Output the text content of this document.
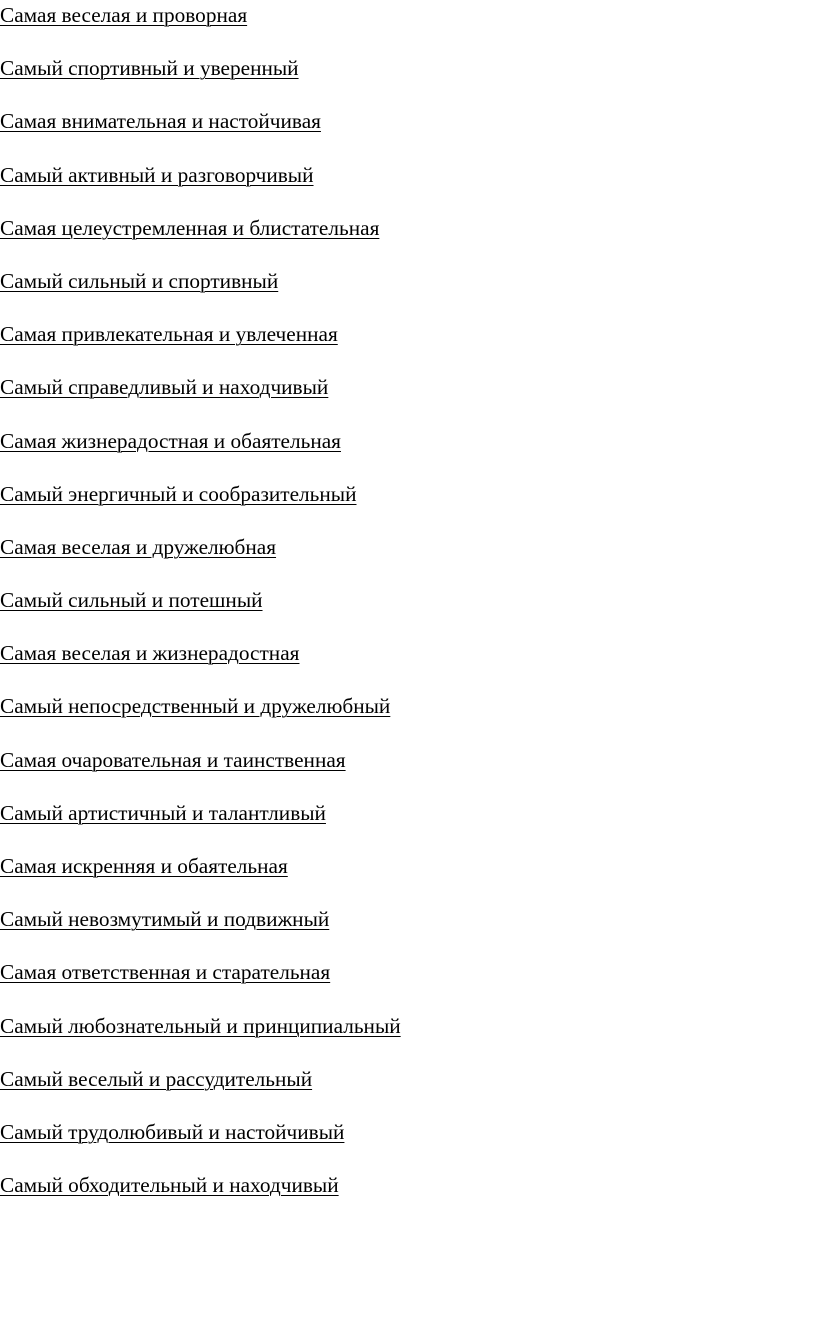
Самая веселая и проворная
Самый спортивный и уверенный
Самая внимательная и настойчивая
Самый активный и разговорчивый
Самая целеустремленная и блистательная
Самый сильный и спортивный
Самая привлекательная и увлеченная
Самый справедливый и находчивый
Самая жизнерадостная и обаятельная
Самый энергичный и сообразительный
Самая веселая и дружелюбная
Самый сильный и потешный
Самая веселая и жизнерадостная
Самый непосредственный и дружелюбный
Самая очаровательная и таинственная
Самый артистичный и талантливый
Самая искренняя и обаятельная
Самый невозмутимый и подвижный
Самая ответственная и старательная
Самый любознательный и принципиальный
Самый веселый и рассудительный
Самый трудолюбивый и настойчивый
Самый обходительный и находчивый
